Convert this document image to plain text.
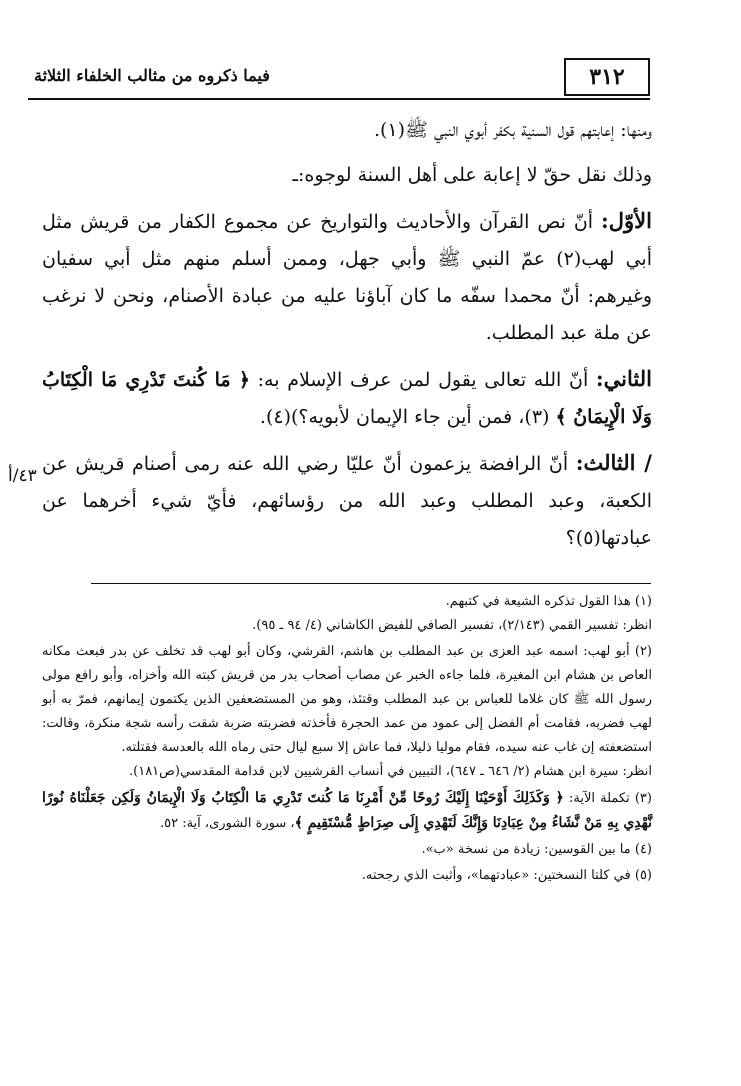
٣١٢
فيما ذكروه من مثالب الخلفاء الثلاثة
٤٣/أ

ومنها: إعابتهم قول السنية بكفر أبوي النبي ﷺ(١).

وذلك نقل حقّ لا إعابة على أهل السنة لوجوه:ـ

الأوّل: أنّ نص القرآن والأحاديث والتواريخ عن مجموع الكفار من قريش مثل أبي لهب(٢) عمّ النبي ﷺ وأبي جهل، وممن أسلم منهم مثل أبي سفيان وغيرهم: أنّ محمدا سفّه ما كان آباؤنا عليه من عبادة الأصنام، ونحن لا نرغب عن ملة عبد المطلب.

الثاني: أنّ الله تعالى يقول لمن عرف الإسلام به: ﴿ مَا كُنتَ تَدْرِي مَا الْكِتَابُ وَلَا الْإِيمَانُ ﴾ (٣)، فمن أين جاء الإيمان لأبويه؟)(٤).

/ الثالث: أنّ الرافضة يزعمون أنّ عليّا رضي الله عنه رمى أصنام قريش عن الكعبة، وعبد المطلب وعبد الله من رؤسائهم، فأيّ شيء أخرهما عن عبادتها(٥)؟

(١) هذا القول تذكره الشيعة في كتبهم.

انظر: تفسير القمي (٢/١٤٣)، تفسير الصافي للفيض الكاشاني (٤/ ٩٤ ـ ٩٥).

(٢) أبو لهب: اسمه عبد العزى بن عبد المطلب بن هاشم، القرشي، وكان أبو لهب قد تخلف عن بدر فبعث مكانه العاص بن هشام ابن المغيرة، فلما جاءه الخبر عن مصاب أصحاب بدر من قريش كبته الله وأخزاه، وأبو رافع مولى رسول الله ﷺ كان غلاما للعباس بن عبد المطلب وقتئذ، وهو من المستضعفين الذين يكتمون إيمانهم، فمرّ به أبو لهب فضربه، فقامت أم الفضل إلى عمود من عمد الحجرة فأخذته فضربته ضربة شقت رأسه شجة منكرة، وقالت: استضعفته إن غاب عنه سيده، فقام موليا ذليلا، فما عاش إلا سبع ليال حتى رماه الله بالعدسة فقتلته.

انظر: سيرة ابن هشام (٢/ ٦٤٦ ـ ٦٤٧)، التبيين في أنساب القرشيين لابن قدامة المقدسي(ص١٨١).

(٣) تكملة الآية: ﴿ وَكَذَلِكَ أَوْحَيْنَا إِلَيْكَ رُوحًا مِّنْ أَمْرِنَا مَا كُنتَ تَدْرِي مَا الْكِتَابُ وَلَا الْإِيمَانُ وَلَكِن جَعَلْنَاهُ نُورًا نَّهْدِي بِهِ مَنْ نَّشَاءُ مِنْ عِبَادِنَا وَإِنَّكَ لَتَهْدِي إِلَى صِرَاطٍ مُّسْتَقِيمٍ ﴾، سورة الشورى، آية: ٥٢.

(٤) ما بين القوسين: زيادة من نسخة «ب».

(٥) في كلتا النسختين: «عبادتهما»، وأثبت الذي رجحته.
